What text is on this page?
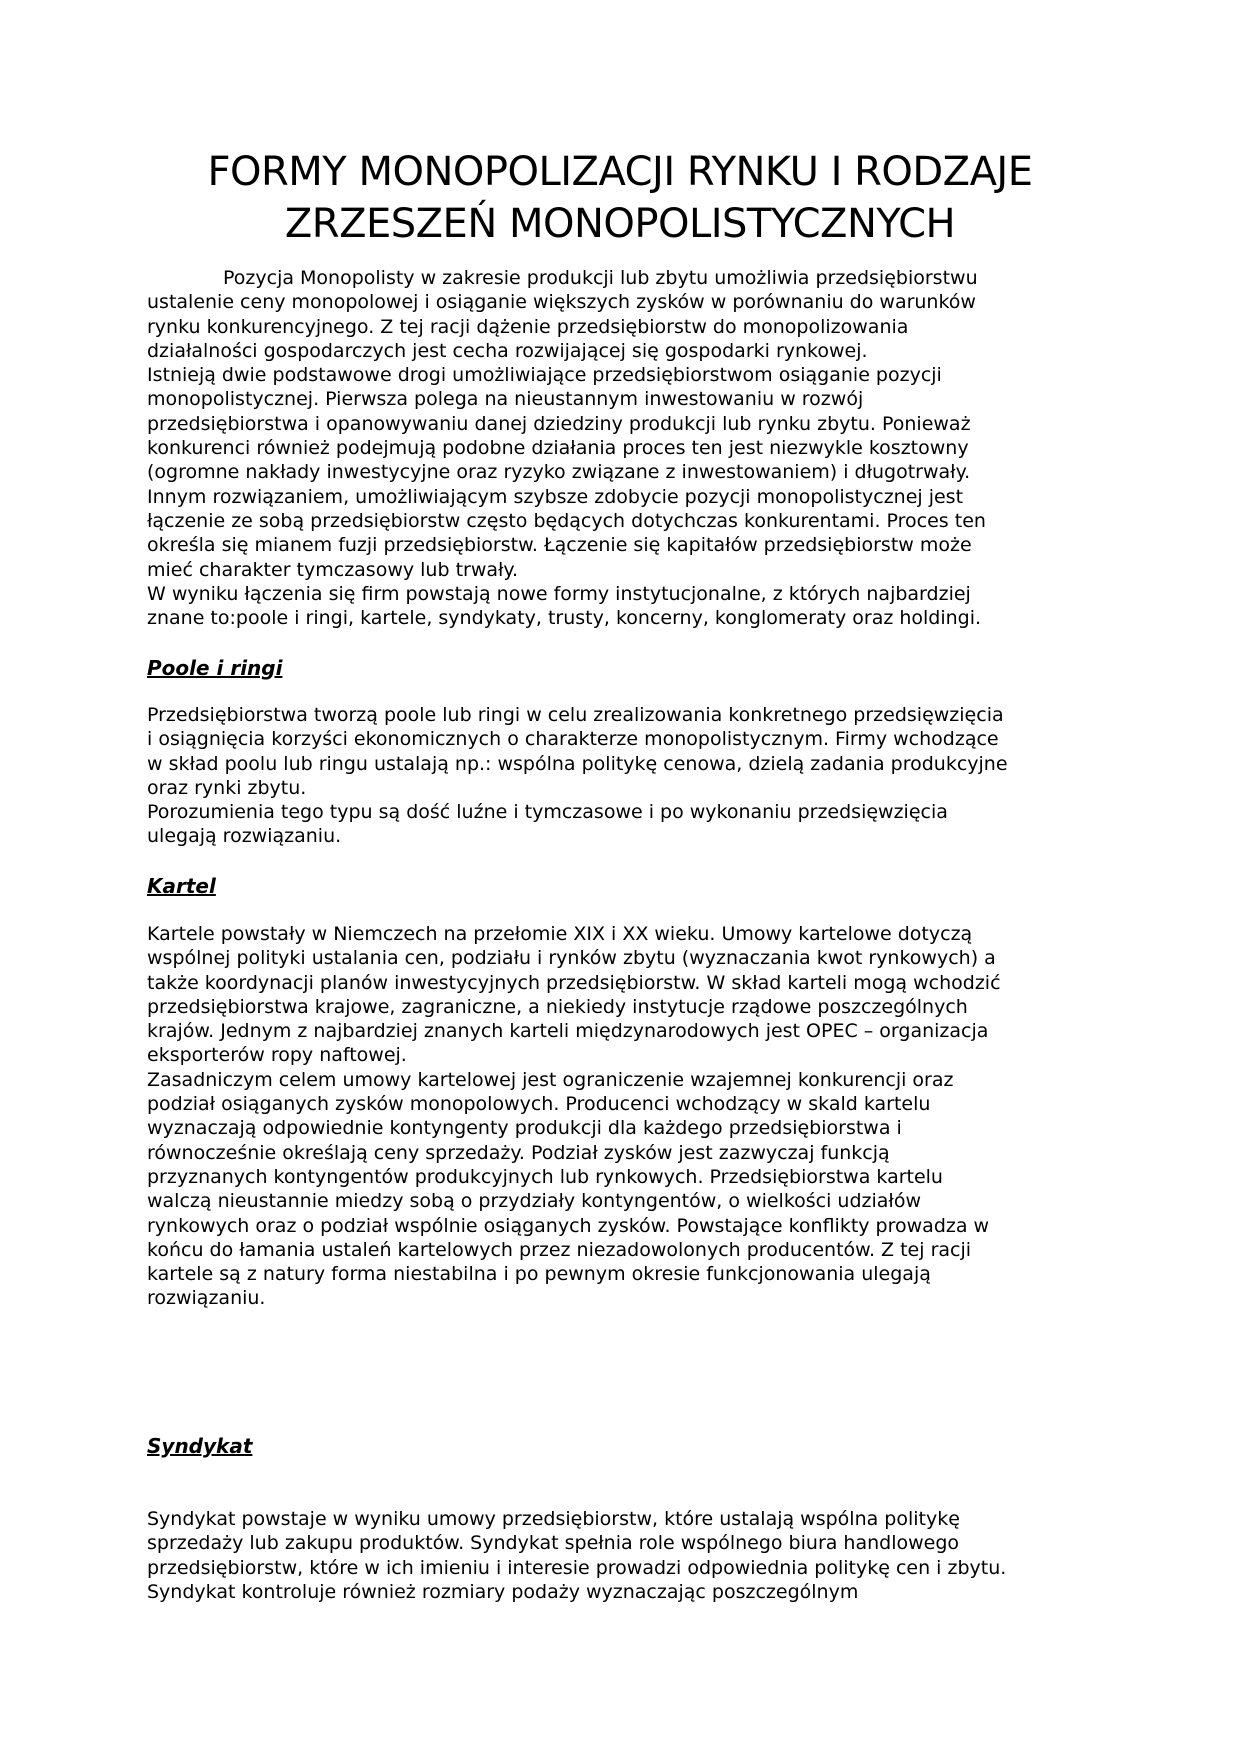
FORMY MONOPOLIZACJI RYNKU I RODZAJE
ZRZESZEŃ MONOPOLISTYCZNYCH

Pozycja Monopolisty w zakresie produkcji lub zbytu umożliwia przedsiębiorstwu
ustalenie ceny monopolowej i osiąganie większych zysków w porównaniu do warunków
rynku konkurencyjnego. Z tej racji dążenie przedsiębiorstw do monopolizowania
działalności gospodarczych jest cecha rozwijającej się gospodarki rynkowej.
Istnieją dwie podstawowe drogi umożliwiające przedsiębiorstwom osiąganie pozycji
monopolistycznej. Pierwsza polega na nieustannym inwestowaniu w rozwój
przedsiębiorstwa i opanowywaniu danej dziedziny produkcji lub rynku zbytu. Ponieważ
konkurenci również podejmują podobne działania proces ten jest niezwykle kosztowny
(ogromne nakłady inwestycyjne oraz ryzyko związane z inwestowaniem) i długotrwały.
Innym rozwiązaniem, umożliwiającym szybsze zdobycie pozycji monopolistycznej jest
łączenie ze sobą przedsiębiorstw często będących dotychczas konkurentami. Proces ten
określa się mianem fuzji przedsiębiorstw. Łączenie się kapitałów przedsiębiorstw może
mieć charakter tymczasowy lub trwały.
W wyniku łączenia się firm powstają nowe formy instytucjonalne, z których najbardziej
znane to:poole i ringi, kartele, syndykaty, trusty, koncerny, konglomeraty oraz holdingi.

Poole i ringi

Przedsiębiorstwa tworzą poole lub ringi w celu zrealizowania konkretnego przedsięwzięcia
i osiągnięcia korzyści ekonomicznych o charakterze monopolistycznym. Firmy wchodzące
w skład poolu lub ringu ustalają np.: wspólna politykę cenowa, dzielą zadania produkcyjne
oraz rynki zbytu.
Porozumienia tego typu są dość luźne i tymczasowe i po wykonaniu przedsięwzięcia
ulegają rozwiązaniu.

Kartel

Kartele powstały w Niemczech na przełomie XIX i XX wieku. Umowy kartelowe dotyczą
wspólnej polityki ustalania cen, podziału i rynków zbytu (wyznaczania kwot rynkowych) a
także koordynacji planów inwestycyjnych przedsiębiorstw. W skład karteli mogą wchodzić
przedsiębiorstwa krajowe, zagraniczne, a niekiedy instytucje rządowe poszczególnych
krajów. Jednym z najbardziej znanych karteli międzynarodowych jest OPEC – organizacja
eksporterów ropy naftowej.
Zasadniczym celem umowy kartelowej jest ograniczenie wzajemnej konkurencji oraz
podział osiąganych zysków monopolowych. Producenci wchodzący w skald kartelu
wyznaczają odpowiednie kontyngenty produkcji dla każdego przedsiębiorstwa i
równocześnie określają ceny sprzedaży. Podział zysków jest zazwyczaj funkcją
przyznanych kontyngentów produkcyjnych lub rynkowych. Przedsiębiorstwa kartelu
walczą nieustannie miedzy sobą o przydziały kontyngentów, o wielkości udziałów
rynkowych oraz o podział wspólnie osiąganych zysków. Powstające konflikty prowadza w
końcu do łamania ustaleń kartelowych przez niezadowolonych producentów. Z tej racji
kartele są z natury forma niestabilna i po pewnym okresie funkcjonowania ulegają
rozwiązaniu.

Syndykat

Syndykat powstaje w wyniku umowy przedsiębiorstw, które ustalają wspólna politykę
sprzedaży lub zakupu produktów. Syndykat spełnia role wspólnego biura handlowego
przedsiębiorstw, które w ich imieniu i interesie prowadzi odpowiednia politykę cen i zbytu.
Syndykat kontroluje również rozmiary podaży wyznaczając poszczególnym
